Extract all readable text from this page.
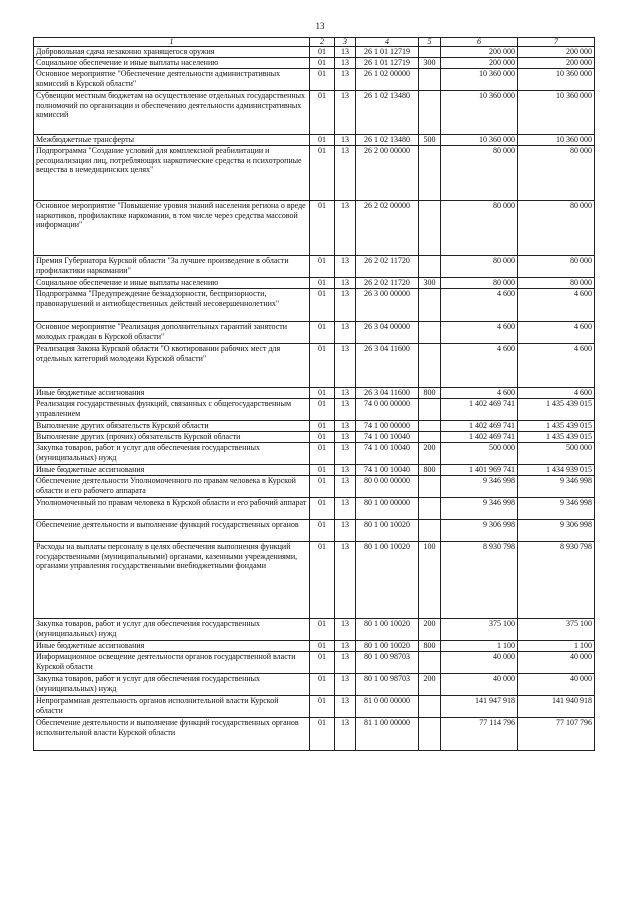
13
1	2	3	4	5	6	7
Добровольная сдача незаконно хранящегося оружия	01	13	26 1 01 12719		200 000	200 000
Социальное обеспечение и иные выплаты населению	01	13	26 1 01 12719	300	200 000	200 000
Основное мероприятие "Обеспечение деятельности административных комиссий в Курской области"	01	13	26 1 02 00000		10 360 000	10 360 000
Субвенции местным бюджетам на осуществление отдельных государственных полномочий по организации и обеспечению деятельности административных комиссий	01	13	26 1 02 13480		10 360 000	10 360 000
Межбюджетные трансферты	01	13	26 1 02 13480	500	10 360 000	10 360 000
Подпрограмма "Создание условий для комплексной реабилитации и ресоциализации лиц, потребляющих наркотические средства и психотропные вещества в немедицинских целях"	01	13	26 2 00 00000		80 000	80 000
Основное мероприятие "Повышение уровня знаний населения региона о вреде наркотиков, профилактике наркомании, в том числе через средства массовой информации"	01	13	26 2 02 00000		80 000	80 000
Премия Губернатора Курской области "За лучшее произведение в области профилактики наркомании"	01	13	26 2 02 11720		80 000	80 000
Социальное обеспечение и иные выплаты населению	01	13	26 2 02 11720	300	80 000	80 000
Подпрограмма "Предупреждение безнадзорности, беспризорности, правонарушений и антиобщественных действий несовершеннолетних"	01	13	26 3 00 00000		4 600	4 600
Основное мероприятие "Реализация дополнительных гарантий занятости молодых граждан в Курской области"	01	13	26 3 04 00000		4 600	4 600
Реализация Закона Курской области "О квотировании рабочих мест для отдельных категорий молодежи Курской области"	01	13	26 3 04 11600		4 600	4 600
Иные бюджетные ассигнования	01	13	26 3 04 11600	800	4 600	4 600
Реализация государственных функций, связанных с общегосударственным управлением	01	13	74 0 00 00000		1 402 469 741	1 435 439 015
Выполнение других обязательств Курской области	01	13	74 1 00 00000		1 402 469 741	1 435 439 015
Выполнение других (прочих) обязательств Курской области	01	13	74 1 00 10040		1 402 469 741	1 435 439 015
Закупка товаров, работ и услуг для обеспечения государственных (муниципальных) нужд	01	13	74 1 00 10040	200	500 000	500 000
Иные бюджетные ассигнования	01	13	74 1 00 10040	800	1 401 969 741	1 434 939 015
Обеспечение деятельности Уполномоченного по правам человека в Курской области и его рабочего аппарата	01	13	80 0 00 00000		9 346 998	9 346 998
Уполномоченный по правам человека в Курской области и его рабочий аппарат	01	13	80 1 00 00000		9 346 998	9 346 998
Обеспечение деятельности и выполнение функций государственных органов	01	13	80 1 00 10020		9 306 998	9 306 998
Расходы на выплаты персоналу в целях обеспечения выполнения функций государственными (муниципальными) органами, казенными учреждениями, органами управления государственными внебюджетными фондами	01	13	80 1 00 10020	100	8 930 798	8 930 798
Закупка товаров, работ и услуг для обеспечения государственных (муниципальных) нужд	01	13	80 1 00 10020	200	375 100	375 100
Иные бюджетные ассигнования	01	13	80 1 00 10020	800	1 100	1 100
Информационное освещение деятельности органов государственной власти Курской области	01	13	80 1 00 98703		40 000	40 000
Закупка товаров, работ и услуг для обеспечения государственных (муниципальных) нужд	01	13	80 1 00 98703	200	40 000	40 000
Непрограммная деятельность органов исполнительной власти Курской области	01	13	81 0 00 00000		141 947 918	141 940 918
Обеспечение деятельности и выполнение функций государственных органов исполнительной власти Курской области	01	13	81 1 00 00000		77 114 796	77 107 796
